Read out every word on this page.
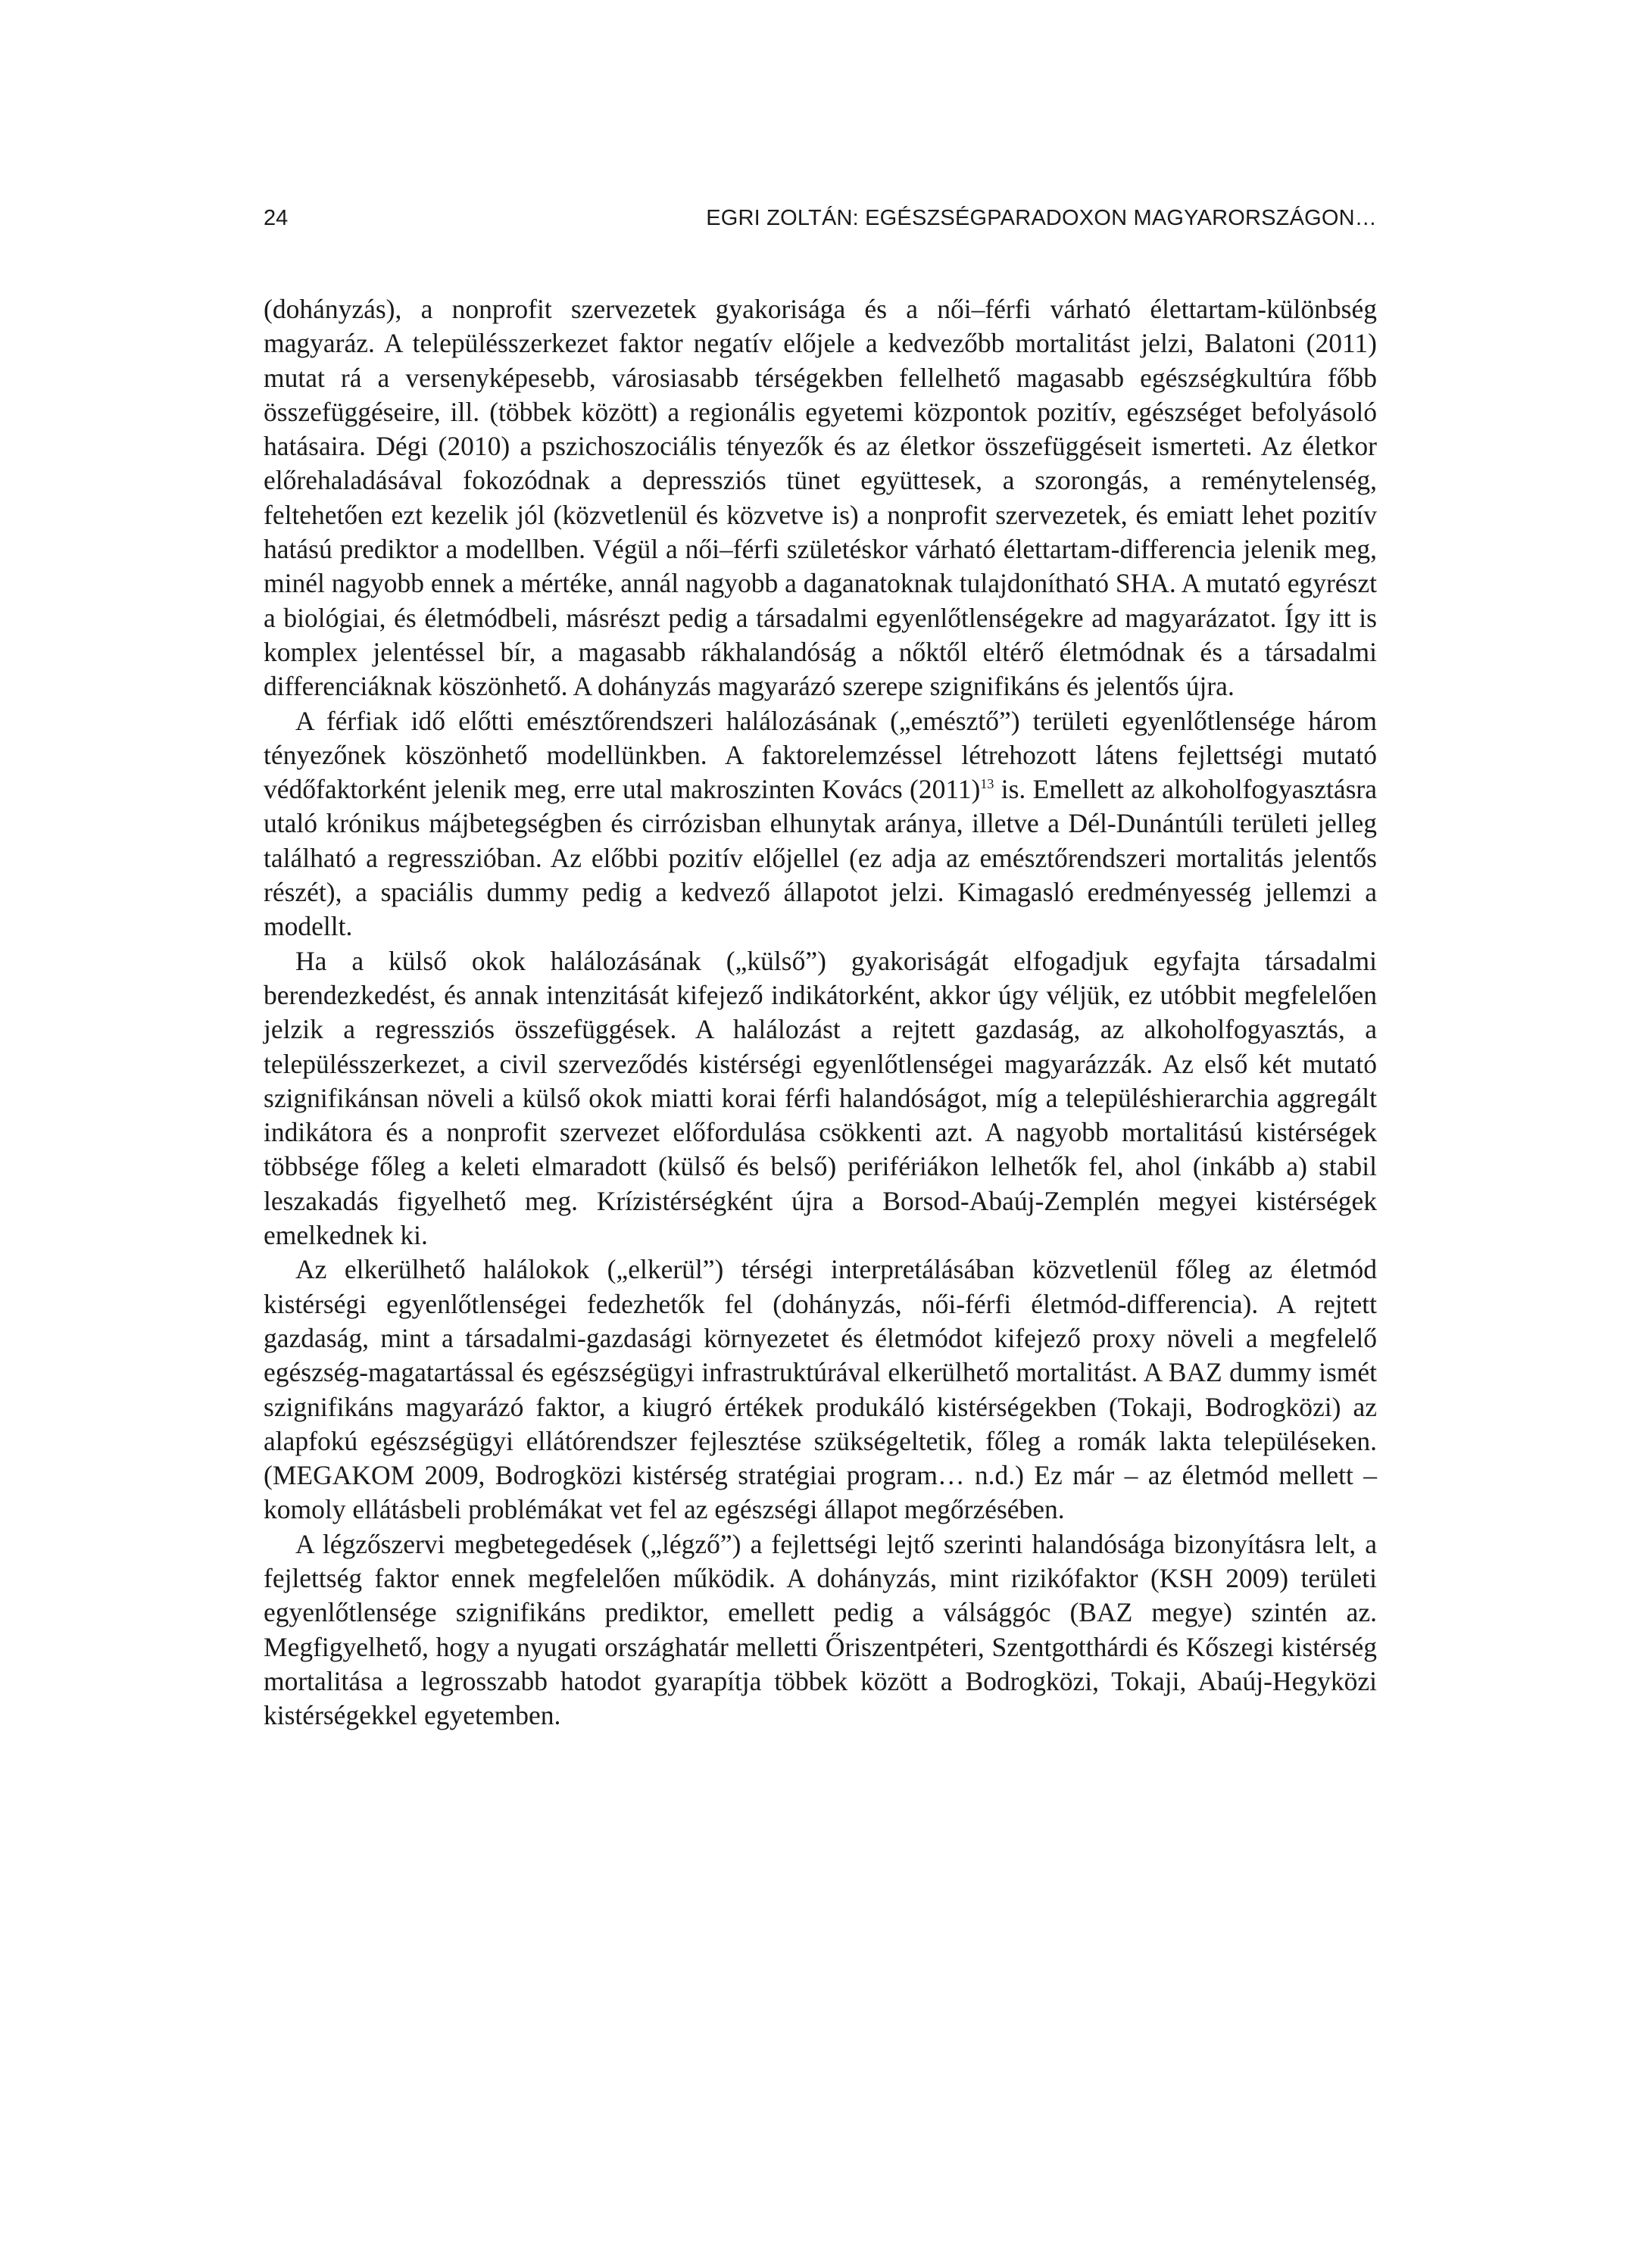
24	EGRI ZOLTÁN: EGÉSZSÉGPARADOXON MAGYARORSZÁGON…

(dohányzás), a nonprofit szervezetek gyakorisága és a női–férfi várható élettartam-különbség magyaráz. A településszerkezet faktor negatív előjele a kedvezőbb mortalitást jelzi, Balatoni (2011) mutat rá a versenyképesebb, városiasabb térségekben fellelhető magasabb egészségkultúra főbb összefüggéseire, ill. (többek között) a regionális egyetemi központok pozitív, egészséget befolyásoló hatásaira. Dégi (2010) a pszichoszociális tényezők és az életkor összefüggéseit ismerteti. Az életkor előrehaladásával fokozódnak a depressziós tünet együttesek, a szorongás, a reménytelenség, feltehetően ezt kezelik jól (közvetlenül és közvetve is) a nonprofit szervezetek, és emiatt lehet pozitív hatású prediktor a modellben. Végül a női–férfi születéskor várható élettartam-differencia jelenik meg, minél nagyobb ennek a mértéke, annál nagyobb a daganatoknak tulajdonítható SHA. A mutató egyrészt a biológiai, és életmódbeli, másrészt pedig a társadalmi egyenlőtlenségekre ad magyarázatot. Így itt is komplex jelentéssel bír, a magasabb rákhalandóság a nőktől eltérő életmódnak és a társadalmi differenciáknak köszönhető. A dohányzás magyarázó szerepe szignifikáns és jelentős újra.

A férfiak idő előtti emésztőrendszeri halálozásának („emésztő”) területi egyenlőtlensége három tényezőnek köszönhető modellünkben. A faktorelemzéssel létrehozott látens fejlettségi mutató védőfaktorként jelenik meg, erre utal makroszinten Kovács $(2011)^{13}$ is. Emellett az alkoholfogyasztásra utaló krónikus májbetegségben és cirrózisban elhunytak aránya, illetve a Dél-Dunántúli területi jelleg található a regresszióban. Az előbbi pozitív előjellel (ez adja az emésztőrendszeri mortalitás jelentős részét), a spaciális dummy pedig a kedvező állapotot jelzi. Kimagasló eredményesség jellemzi a modellt.

Ha a külső okok halálozásának („külső”) gyakoriságát elfogadjuk egyfajta társadalmi berendezkedést, és annak intenzitását kifejező indikátorként, akkor úgy véljük, ez utóbbit megfelelően jelzik a regressziós összefüggések. A halálozást a rejtett gazdaság, az alkoholfogyasztás, a településszerkezet, a civil szerveződés kistérségi egyenlőtlenségei magyarázzák. Az első két mutató szignifikánsan növeli a külső okok miatti korai férfi halandóságot, míg a településhierarchia aggregált indikátora és a nonprofit szervezet előfordulása csökkenti azt. A nagyobb mortalitású kistérségek többsége főleg a keleti elmaradott (külső és belső) perifériákon lelhetők fel, ahol (inkább a) stabil leszakadás figyelhető meg. Krízistérségként újra a Borsod-Abaúj-Zemplén megyei kistérségek emelkednek ki.

Az elkerülhető halálokok („elkerül”) térségi interpretálásában közvetlenül főleg az életmód kistérségi egyenlőtlenségei fedezhetők fel (dohányzás, női-férfi életmód-differencia). A rejtett gazdaság, mint a társadalmi-gazdasági környezetet és életmódot kifejező proxy növeli a megfelelő egészség-magatartással és egészségügyi infrastruktúrával elkerülhető mortalitást. A BAZ dummy ismét szignifikáns magyarázó faktor, a kiugró értékek produkáló kistérségekben (Tokaji, Bodrogközi) az alapfokú egészségügyi ellátórendszer fejlesztése szükségeltetik, főleg a romák lakta településeken. (MEGAKOM 2009, Bodrogközi kistérség stratégiai program… n.d.) Ez már – az életmód mellett – komoly ellátásbeli problémákat vet fel az egészségi állapot megőrzésében.

A légzőszervi megbetegedések („légző”) a fejlettségi lejtő szerinti halandósága bizonyításra lelt, a fejlettség faktor ennek megfelelően működik. A dohányzás, mint rizikófaktor (KSH 2009) területi egyenlőtlensége szignifikáns prediktor, emellett pedig a válsággóc (BAZ megye) szintén az. Megfigyelhető, hogy a nyugati országhatár melletti Őriszentpéteri, Szentgotthárdi és Kőszegi kistérség mortalitása a legrosszabb hatodot gyarapítja többek között a Bodrogközi, Tokaji, Abaúj-Hegyközi kistérségekkel egyetemben.
